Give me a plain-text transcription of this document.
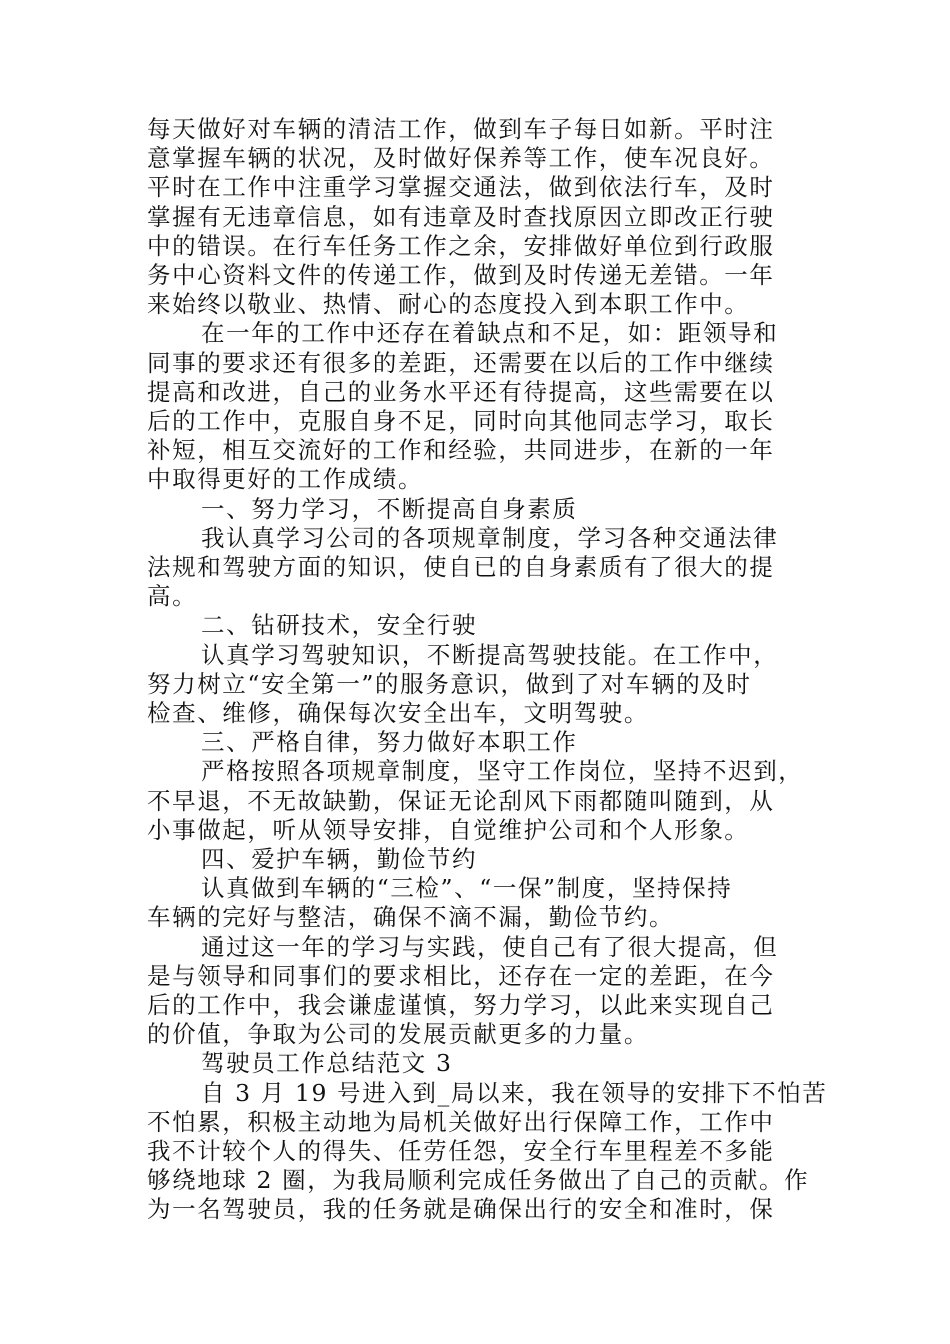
每天做好对车辆的清洁工作，做到车子每日如新。平时注
意掌握车辆的状况，及时做好保养等工作，使车况良好。
平时在工作中注重学习掌握交通法，做到依法行车，及时
掌握有无违章信息，如有违章及时查找原因立即改正行驶
中的错误。在行车任务工作之余，安排做好单位到行政服
务中心资料文件的传递工作，做到及时传递无差错。一年
来始终以敬业、热情、耐心的态度投入到本职工作中。
在一年的工作中还存在着缺点和不足，如：距领导和
同事的要求还有很多的差距，还需要在以后的工作中继续
提高和改进，自己的业务水平还有待提高，这些需要在以
后的工作中，克服自身不足，同时向其他同志学习，取长
补短，相互交流好的工作和经验，共同进步，在新的一年
中取得更好的工作成绩。
一、努力学习，不断提高自身素质
我认真学习公司的各项规章制度，学习各种交通法律
法规和驾驶方面的知识，使自已的自身素质有了很大的提
高。
二、钻研技术，安全行驶
认真学习驾驶知识，不断提高驾驶技能。在工作中，
努力树立“安全第一”的服务意识，做到了对车辆的及时
检查、维修，确保每次安全出车，文明驾驶。
三、严格自律，努力做好本职工作
严格按照各项规章制度，坚守工作岗位，坚持不迟到，
不早退，不无故缺勤，保证无论刮风下雨都随叫随到，从
小事做起，听从领导安排，自觉维护公司和个人形象。
四、爱护车辆，勤俭节约
认真做到车辆的“三检”、“一保”制度，坚持保持
车辆的完好与整洁，确保不滴不漏，勤俭节约。
通过这一年的学习与实践，使自己有了很大提高，但
是与领导和同事们的要求相比，还存在一定的差距，在今
后的工作中，我会谦虚谨慎，努力学习，以此来实现自己
的价值，争取为公司的发展贡献更多的力量。
驾驶员工作总结范文 3
自 3 月 19 号进入到_局以来，我在领导的安排下不怕苦
不怕累，积极主动地为局机关做好出行保障工作，工作中
我不计较个人的得失、任劳任怨，安全行车里程差不多能
够绕地球 2 圈，为我局顺利完成任务做出了自己的贡献。作
为一名驾驶员，我的任务就是确保出行的安全和准时，保
